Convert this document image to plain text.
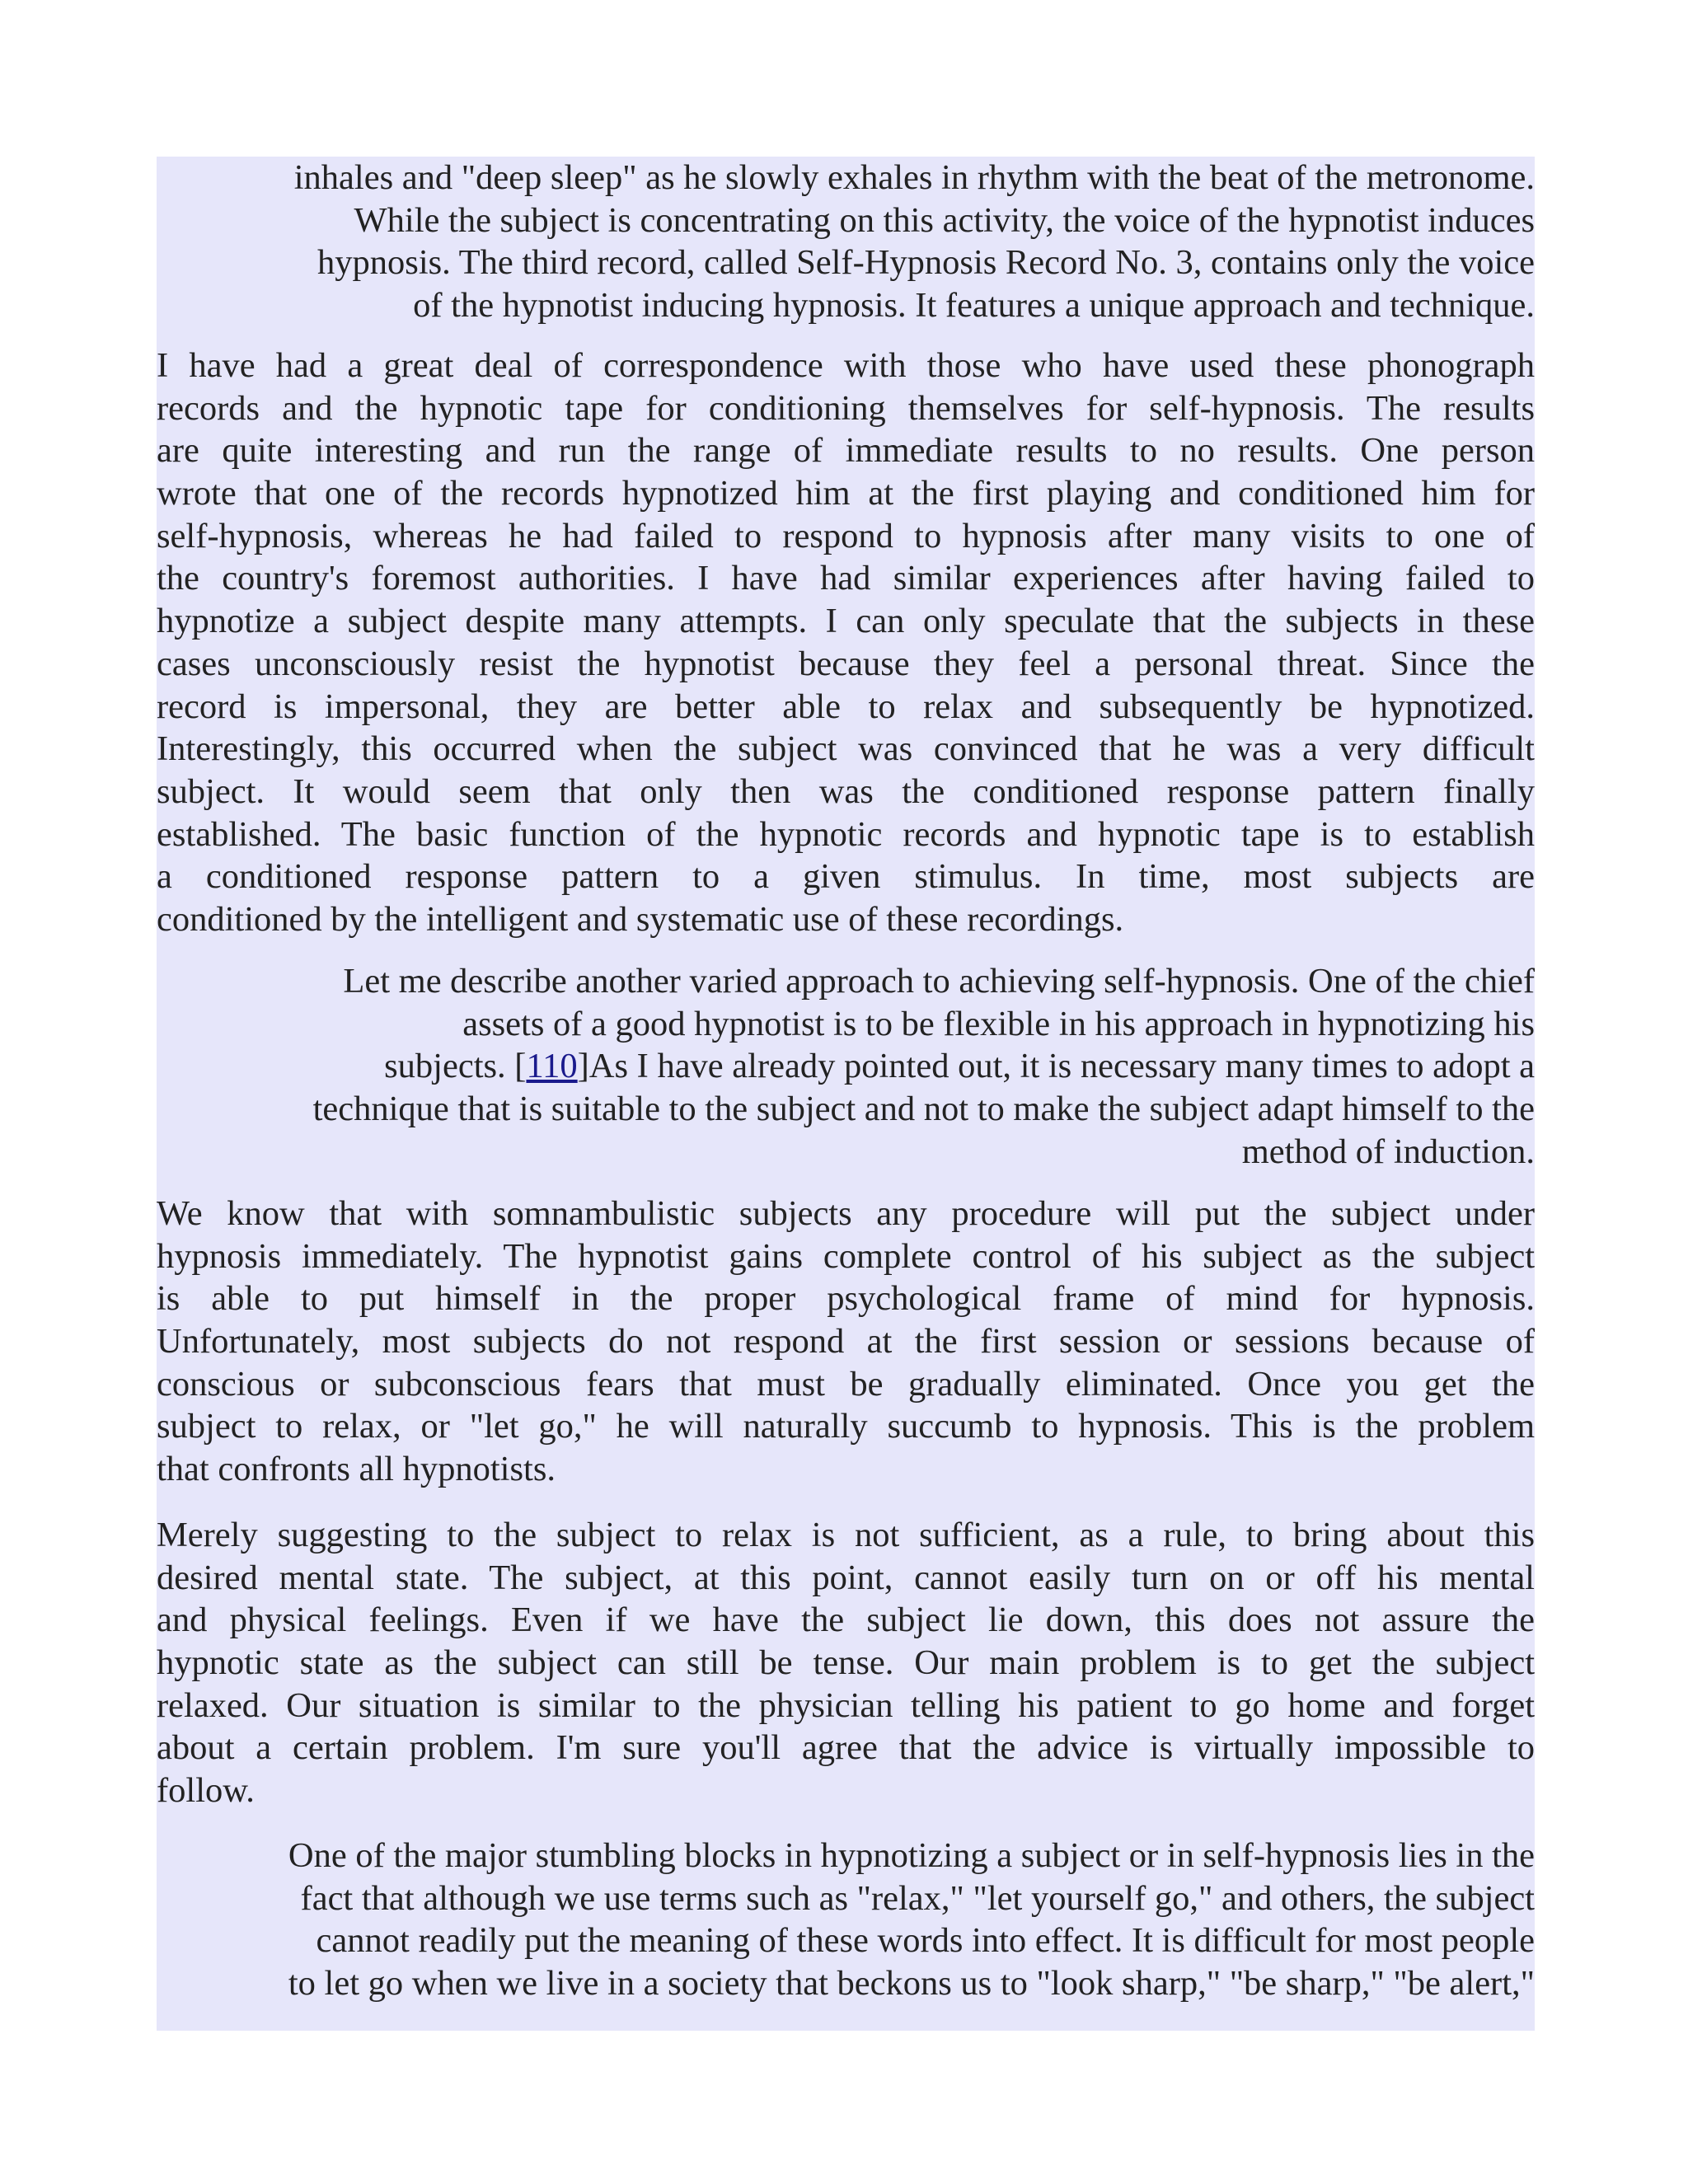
inhales and "deep sleep" as he slowly exhales in rhythm with the beat of the metronome.
While the subject is concentrating on this activity, the voice of the hypnotist induces
hypnosis. The third record, called Self-Hypnosis Record No. 3, contains only the voice
of the hypnotist inducing hypnosis. It features a unique approach and technique.
I have had a great deal of correspondence with those who have used these phonograph
records and the hypnotic tape for conditioning themselves for self-hypnosis. The results
are quite interesting and run the range of immediate results to no results. One person
wrote that one of the records hypnotized him at the first playing and conditioned him for
self-hypnosis, whereas he had failed to respond to hypnosis after many visits to one of
the country's foremost authorities. I have had similar experiences after having failed to
hypnotize a subject despite many attempts. I can only speculate that the subjects in these
cases unconsciously resist the hypnotist because they feel a personal threat. Since the
record is impersonal, they are better able to relax and subsequently be hypnotized.
Interestingly, this occurred when the subject was convinced that he was a very difficult
subject. It would seem that only then was the conditioned response pattern finally
established. The basic function of the hypnotic records and hypnotic tape is to establish
a conditioned response pattern to a given stimulus. In time, most subjects are
conditioned by the intelligent and systematic use of these recordings.
Let me describe another varied approach to achieving self-hypnosis. One of the chief
assets of a good hypnotist is to be flexible in his approach in hypnotizing his
subjects. [110]As I have already pointed out, it is necessary many times to adopt a
technique that is suitable to the subject and not to make the subject adapt himself to the
method of induction.
We know that with somnambulistic subjects any procedure will put the subject under
hypnosis immediately. The hypnotist gains complete control of his subject as the subject
is able to put himself in the proper psychological frame of mind for hypnosis.
Unfortunately, most subjects do not respond at the first session or sessions because of
conscious or subconscious fears that must be gradually eliminated. Once you get the
subject to relax, or "let go," he will naturally succumb to hypnosis. This is the problem
that confronts all hypnotists.
Merely suggesting to the subject to relax is not sufficient, as a rule, to bring about this
desired mental state. The subject, at this point, cannot easily turn on or off his mental
and physical feelings. Even if we have the subject lie down, this does not assure the
hypnotic state as the subject can still be tense. Our main problem is to get the subject
relaxed. Our situation is similar to the physician telling his patient to go home and forget
about a certain problem. I'm sure you'll agree that the advice is virtually impossible to
follow.
One of the major stumbling blocks in hypnotizing a subject or in self-hypnosis lies in the
fact that although we use terms such as "relax," "let yourself go," and others, the subject
cannot readily put the meaning of these words into effect. It is difficult for most people
to let go when we live in a society that beckons us to "look sharp," "be sharp," "be alert,"
